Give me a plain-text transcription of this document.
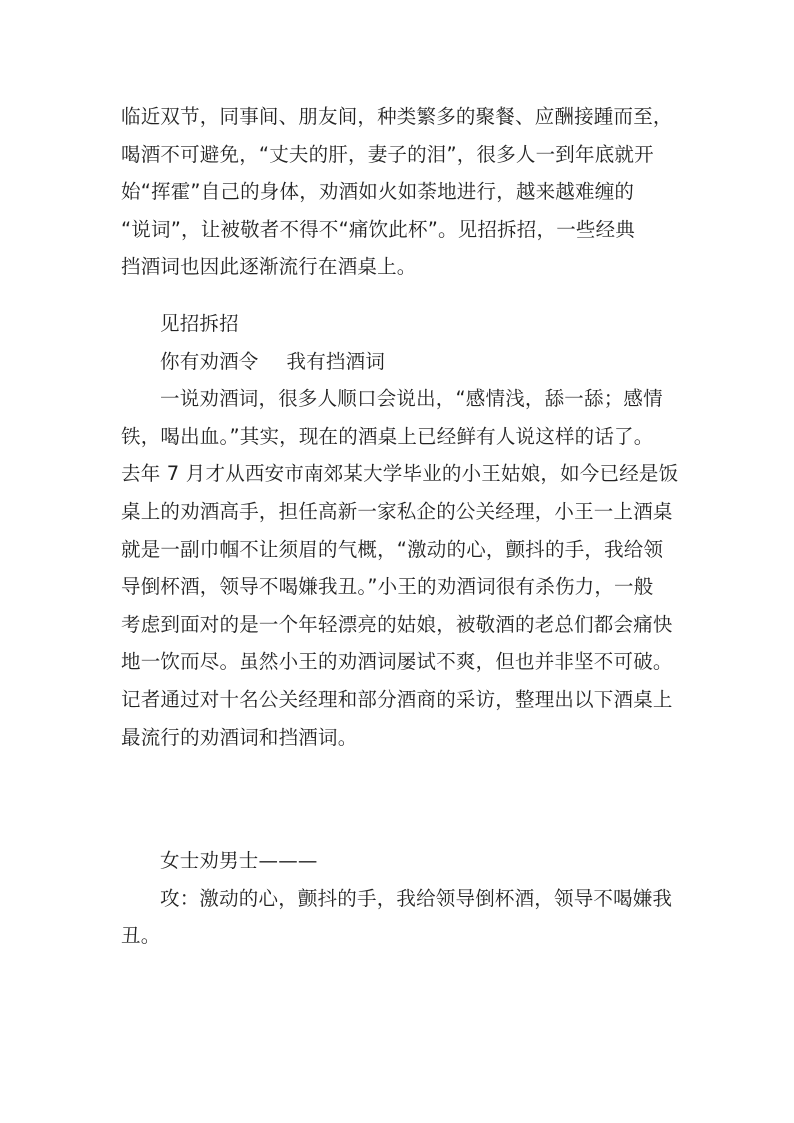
临近双节，同事间、朋友间，种类繁多的聚餐、应酬接踵而至，
喝酒不可避免，“丈夫的肝，妻子的泪”，很多人一到年底就开
始“挥霍”自己的身体，劝酒如火如荼地进行，越来越难缠的
“说词”，让被敬者不得不“痛饮此杯”。见招拆招，一些经典
挡酒词也因此逐渐流行在酒桌上。
见招拆招
你有劝酒令 我有挡酒词
一说劝酒词，很多人顺口会说出，“感情浅，舔一舔；感情
铁，喝出血。”其实，现在的酒桌上已经鲜有人说这样的话了。
去年 7 月才从西安市南郊某大学毕业的小王姑娘，如今已经是饭
桌上的劝酒高手，担任高新一家私企的公关经理，小王一上酒桌
就是一副巾帼不让须眉的气概，“激动的心，颤抖的手，我给领
导倒杯酒，领导不喝嫌我丑。”小王的劝酒词很有杀伤力，一般
考虑到面对的是一个年轻漂亮的姑娘，被敬酒的老总们都会痛快
地一饮而尽。虽然小王的劝酒词屡试不爽，但也并非坚不可破。
记者通过对十名公关经理和部分酒商的采访，整理出以下酒桌上
最流行的劝酒词和挡酒词。
女士劝男士———
攻：激动的心，颤抖的手，我给领导倒杯酒，领导不喝嫌我
丑。
